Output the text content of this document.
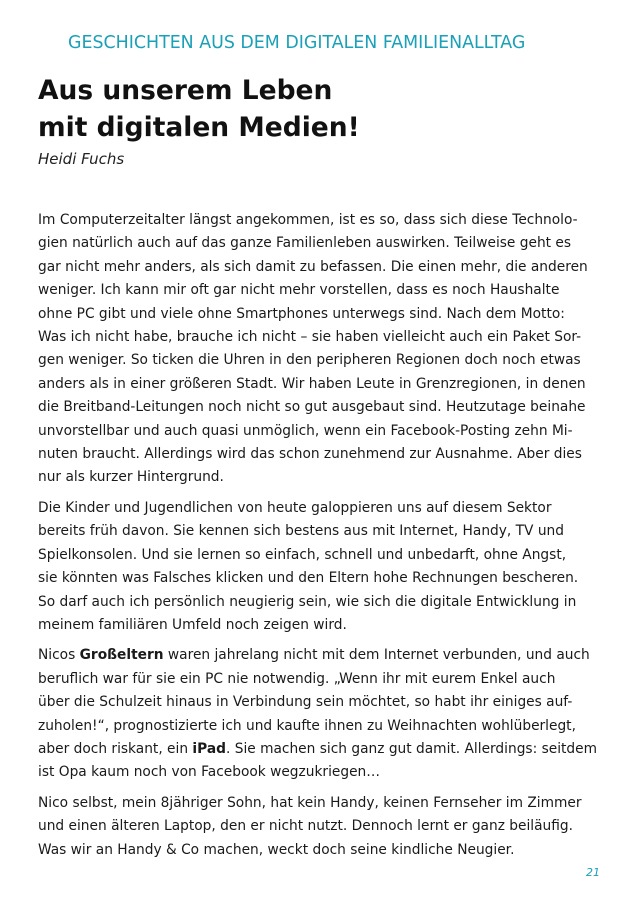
GESCHICHTEN AUS DEM DIGITALEN FAMILIENALLTAG
Aus unserem Leben
mit digitalen Medien!
Heidi Fuchs
Im Computerzeitalter längst angekommen, ist es so, dass sich diese Technolo-
gien natürlich auch auf das ganze Familienleben auswirken. Teilweise geht es
gar nicht mehr anders, als sich damit zu befassen. Die einen mehr, die anderen
weniger. Ich kann mir oft gar nicht mehr vorstellen, dass es noch Haushalte
ohne PC gibt und viele ohne Smartphones unterwegs sind. Nach dem Motto:
Was ich nicht habe, brauche ich nicht – sie haben vielleicht auch ein Paket Sor-
gen weniger. So ticken die Uhren in den peripheren Regionen doch noch etwas
anders als in einer größeren Stadt. Wir haben Leute in Grenzregionen, in denen
die Breitband-Leitungen noch nicht so gut ausgebaut sind. Heutzutage beinahe
unvorstellbar und auch quasi unmöglich, wenn ein Facebook-Posting zehn Mi-
nuten braucht. Allerdings wird das schon zunehmend zur Ausnahme. Aber dies
nur als kurzer Hintergrund.
Die Kinder und Jugendlichen von heute galoppieren uns auf diesem Sektor
bereits früh davon. Sie kennen sich bestens aus mit Internet, Handy, TV und
Spielkonsolen. Und sie lernen so einfach, schnell und unbedarft, ohne Angst,
sie könnten was Falsches klicken und den Eltern hohe Rechnungen bescheren.
So darf auch ich persönlich neugierig sein, wie sich die digitale Entwicklung in
meinem familiären Umfeld noch zeigen wird.
Nicos Großeltern waren jahrelang nicht mit dem Internet verbunden, und auch
beruflich war für sie ein PC nie notwendig. „Wenn ihr mit eurem Enkel auch
über die Schulzeit hinaus in Verbindung sein möchtet, so habt ihr einiges auf-
zuholen!“, prognostizierte ich und kaufte ihnen zu Weihnachten wohlüberlegt,
aber doch riskant, ein iPad. Sie machen sich ganz gut damit. Allerdings: seitdem
ist Opa kaum noch von Facebook wegzukriegen…
Nico selbst, mein 8jähriger Sohn, hat kein Handy, keinen Fernseher im Zimmer
und einen älteren Laptop, den er nicht nutzt. Dennoch lernt er ganz beiläufig.
Was wir an Handy & Co machen, weckt doch seine kindliche Neugier.
21
